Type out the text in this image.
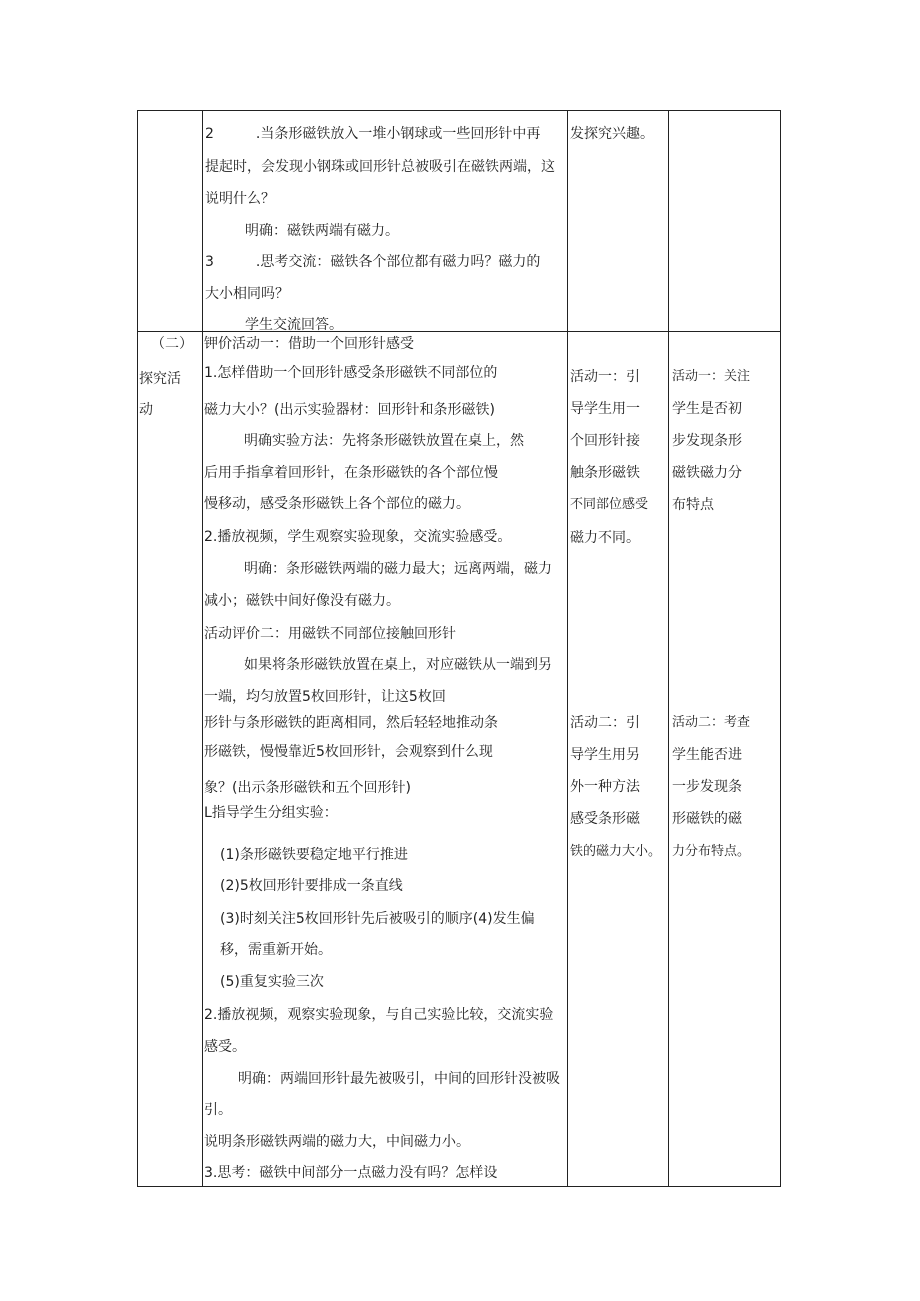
2　　　.当条形磁铁放入一堆小钢球或一些回形针中再
提起时，会发现小钢珠或回形针总被吸引在磁铁两端，这
说明什么？
明确：磁铁两端有磁力。
3　　　.思考交流：磁铁各个部位都有磁力吗？磁力的
大小相同吗？
学生交流回答。
发探究兴趣。
（二）
探究活
动
钾价活动一：借助一个回形针感受
1.怎样借助一个回形针感受条形磁铁不同部位的
磁力大小？(出示实验器材：回形针和条形磁铁)
明确实验方法：先将条形磁铁放置在桌上，然
后用手指拿着回形针，在条形磁铁的各个部位慢
慢移动，感受条形磁铁上各个部位的磁力。
2.播放视频，学生观察实验现象，交流实验感受。
明确：条形磁铁两端的磁力最大；远离两端，磁力
减小；磁铁中间好像没有磁力。
活动评价二：用磁铁不同部位接触回形针
如果将条形磁铁放置在桌上，对应磁铁从一端到另
一端，均匀放置5枚回形针，让这5枚回
形针与条形磁铁的距离相同，然后轻轻地推动条
形磁铁，慢慢靠近5枚回形针，会观察到什么现
象？(出示条形磁铁和五个回形针)
L指导学生分组实验：
(1)条形磁铁要稳定地平行推进
(2)5枚回形针要排成一条直线
(3)时刻关注5枚回形针先后被吸引的顺序(4)发生偏
移，需重新开始。
(5)重复实验三次
2.播放视频，观察实验现象，与自己实验比较，交流实验
感受。
明确：两端回形针最先被吸引，中间的回形针没被吸
引。
说明条形磁铁两端的磁力大，中间磁力小。
3.思考：磁铁中间部分一点磁力没有吗？怎样设
活动一：引
导学生用一
个回形针接
触条形磁铁
不同部位感受
磁力不同。
活动二：引
导学生用另
外一种方法
感受条形磁
铁的磁力大小。
活动一：关注
学生是否初
步发现条形
磁铁磁力分
布特点
活动二：考查
学生能否进
一步发现条
形磁铁的磁
力分布特点。
